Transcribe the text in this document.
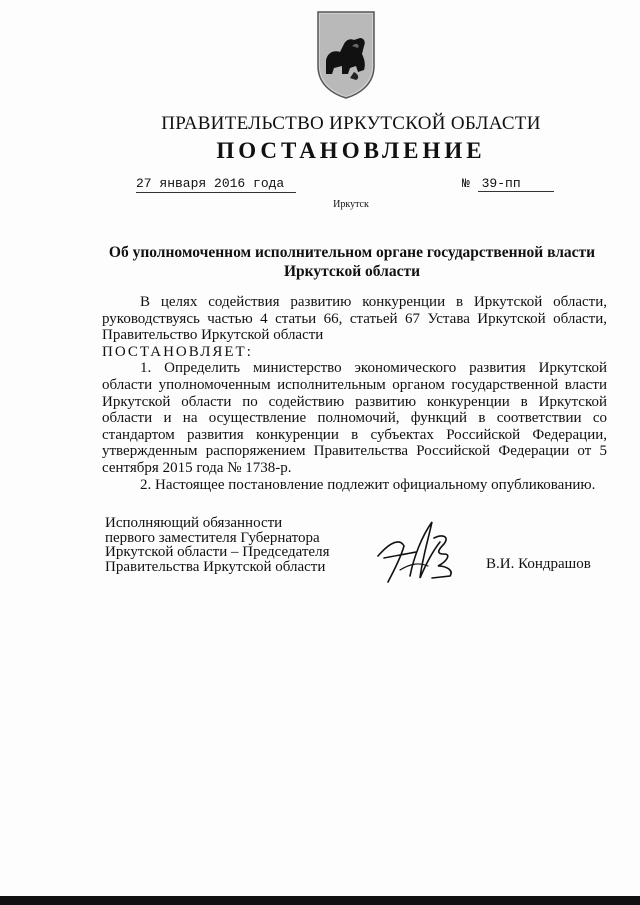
ПРАВИТЕЛЬСТВО ИРКУТСКОЙ ОБЛАСТИ
ПОСТАНОВЛЕНИЕ
27 января 2016 года	№ 39-пп
Иркутск
Об уполномоченном исполнительном органе государственной власти
Иркутской области

В целях содействия развитию конкуренции в Иркутской области, руководствуясь частью 4 статьи 66, статьей 67 Устава Иркутской области, Правительство Иркутской области

ПОСТАНОВЛЯЕТ:

1. Определить министерство экономического развития Иркутской области уполномоченным исполнительным органом государственной власти Иркутской области по содействию развитию конкуренции в Иркутской области и на осуществление полномочий, функций в соответствии со стандартом развития конкуренции в субъектах Российской Федерации, утвержденным распоряжением Правительства Российской Федерации от 5 сентября 2015 года № 1738-р.

2. Настоящее постановление подлежит официальному опубликованию.

Исполняющий обязанности
первого заместителя Губернатора
Иркутской области – Председателя
Правительства Иркутской области	В.И. Кондрашов
